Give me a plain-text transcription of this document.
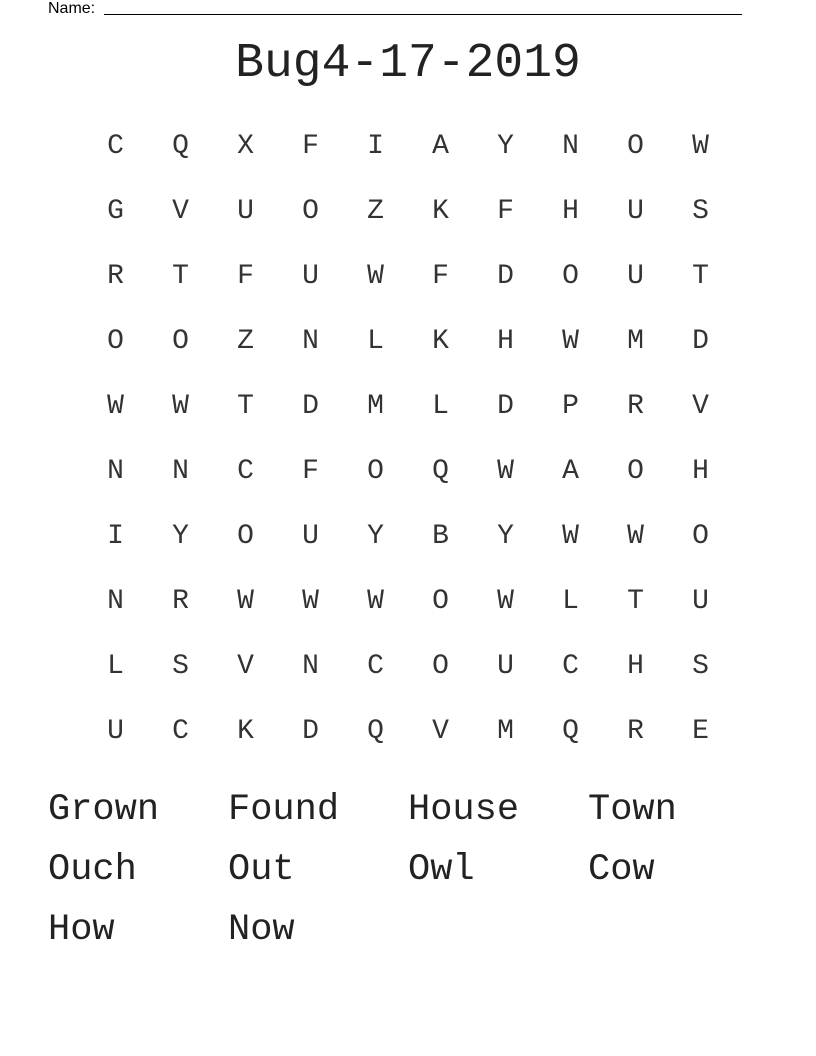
Name:
Bug4-17-2019
C	Q	X	F	I	A	Y	N	O	W
G	V	U	O	Z	K	F	H	U	S
R	T	F	U	W	F	D	O	U	T
O	O	Z	N	L	K	H	W	M	D
W	W	T	D	M	L	D	P	R	V
N	N	C	F	O	Q	W	A	O	H
I	Y	O	U	Y	B	Y	W	W	O
N	R	W	W	W	O	W	L	T	U
L	S	V	N	C	O	U	C	H	S
U	C	K	D	Q	V	M	Q	R	E
Grown	Found	House	Town
Ouch	Out	Owl	Cow
How	Now
